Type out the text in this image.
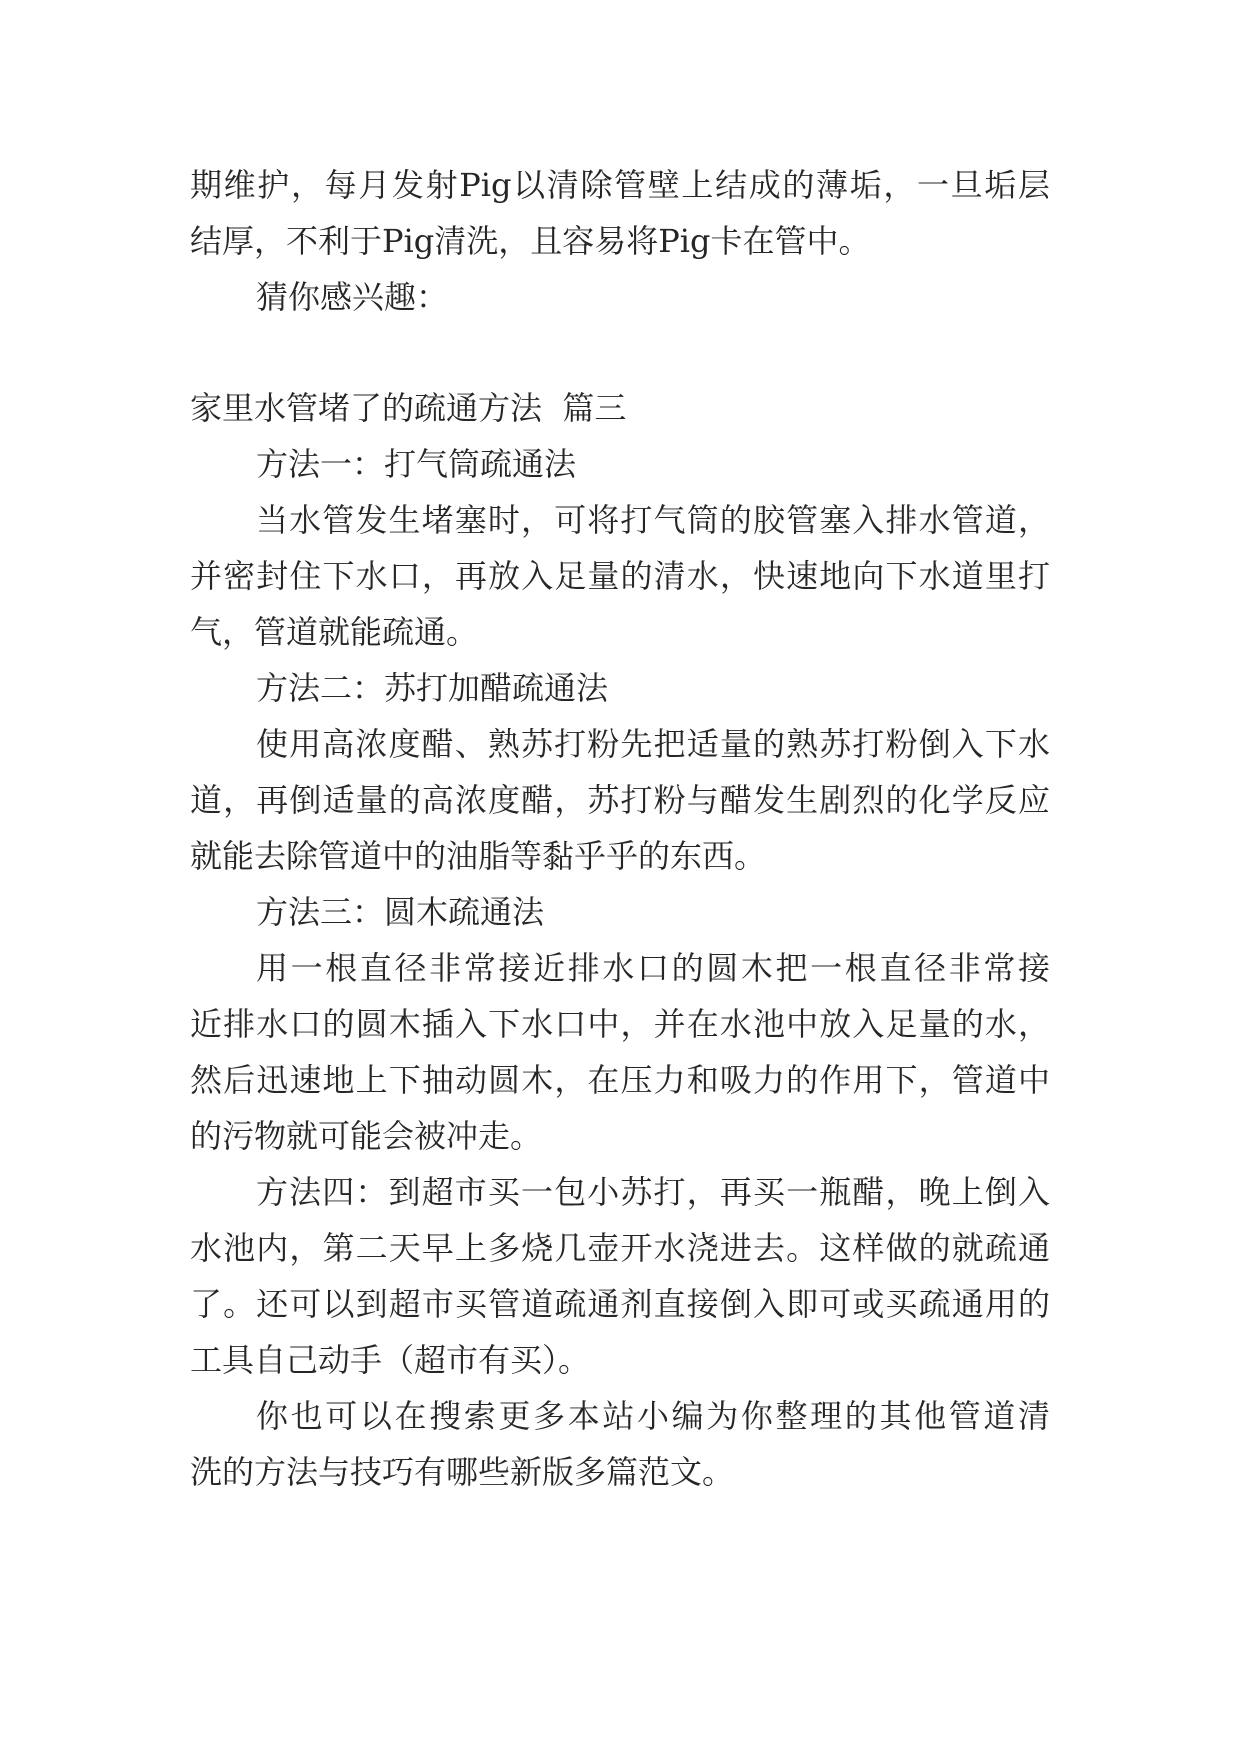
期维护，每月发射Pig以清除管壁上结成的薄垢，一旦垢层
结厚，不利于Pig清洗，且容易将Pig卡在管中。
猜你感兴趣：
家里水管堵了的疏通方法  篇三
方法一：打气筒疏通法
当水管发生堵塞时，可将打气筒的胶管塞入排水管道，
并密封住下水口，再放入足量的清水，快速地向下水道里打
气，管道就能疏通。
方法二：苏打加醋疏通法
使用高浓度醋、熟苏打粉先把适量的熟苏打粉倒入下水
道，再倒适量的高浓度醋，苏打粉与醋发生剧烈的化学反应
就能去除管道中的油脂等黏乎乎的东西。
方法三：圆木疏通法
用一根直径非常接近排水口的圆木把一根直径非常接
近排水口的圆木插入下水口中，并在水池中放入足量的水，
然后迅速地上下抽动圆木，在压力和吸力的作用下，管道中
的污物就可能会被冲走。
方法四：到超市买一包小苏打，再买一瓶醋，晚上倒入
水池内，第二天早上多烧几壶开水浇进去。这样做的就疏通
了。还可以到超市买管道疏通剂直接倒入即可或买疏通用的
工具自己动手（超市有买）。
你也可以在搜索更多本站小编为你整理的其他管道清
洗的方法与技巧有哪些新版多篇范文。
